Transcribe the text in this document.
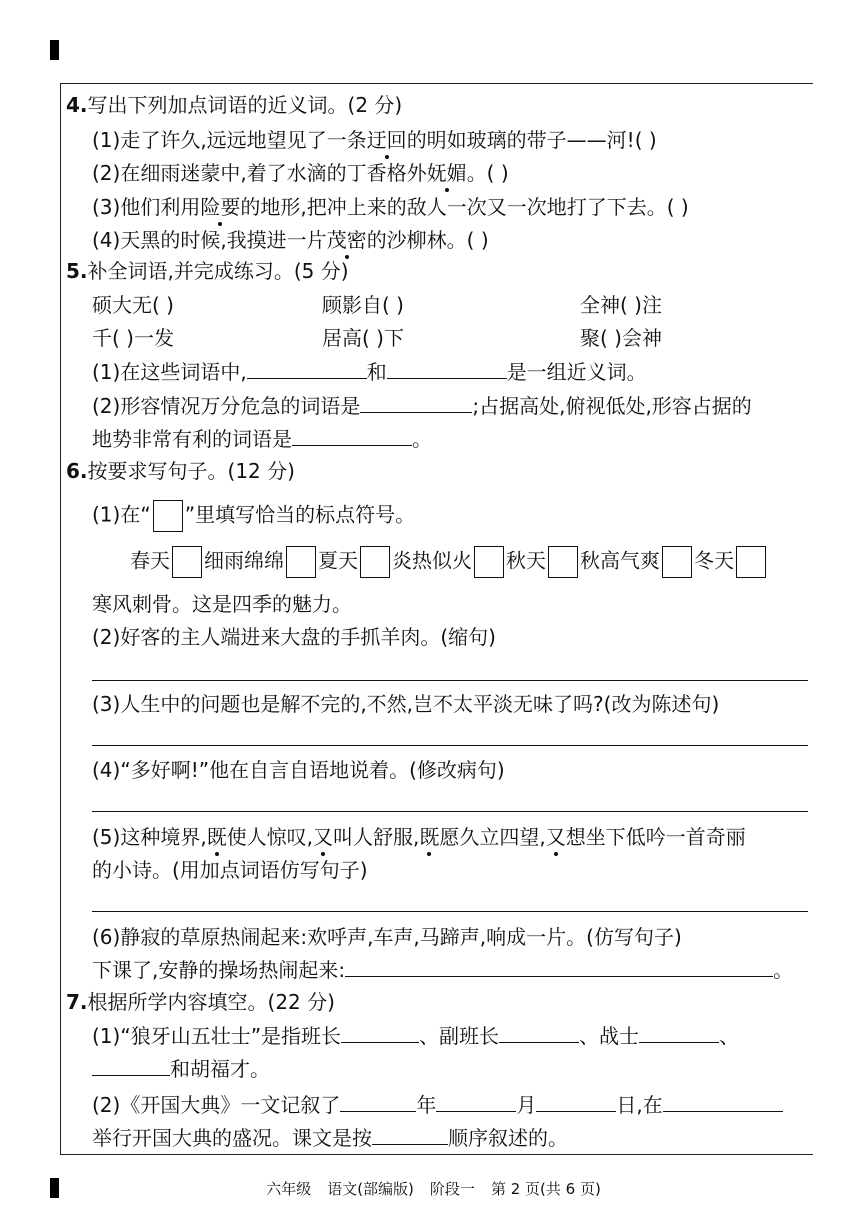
4.写出下列加点词语的近义词。(2 分)
(1)走了许久,远远地望见了一条迂回的明如玻璃的带子——河!( )
(2)在细雨迷蒙中,着了水滴的丁香格外妩媚。( )
(3)他们利用险要的地形,把冲上来的敌人一次又一次地打了下去。( )
(4)天黑的时候,我摸进一片茂密的沙柳林。( )
5.补全词语,并完成练习。(5 分)
硕大无( )	顾影自( )	全神( )注
千( )一发	居高( )下	聚( )会神
(1)在这些词语中,	和	是一组近义词。
(2)形容情况万分危急的词语是	;占据高处,俯视低处,形容占据的
地势非常有利的词语是	。
6.按要求写句子。(12 分)
(1)在“ ”里填写恰当的标点符号。
春天 细雨绵绵 夏天 炎热似火 秋天 秋高气爽 冬天
寒风刺骨。这是四季的魅力。
(2)好客的主人端进来大盘的手抓羊肉。(缩句)
(3)人生中的问题也是解不完的,不然,岂不太平淡无味了吗?(改为陈述句)
(4)“多好啊!”他在自言自语地说着。(修改病句)
(5)这种境界,既使人惊叹,又叫人舒服,既愿久立四望,又想坐下低吟一首奇丽
的小诗。(用加点词语仿写句子)
(6)静寂的草原热闹起来:欢呼声,车声,马蹄声,响成一片。(仿写句子)
下课了,安静的操场热闹起来:	。
7.根据所学内容填空。(22 分)
(1)“狼牙山五壮士”是指班长	、副班长	、战士	、
和胡福才。
(2)《开国大典》一文记叙了	年	月	日,在
举行开国大典的盛况。课文是按	顺序叙述的。
六年级 语文(部编版) 阶段一 第 2 页(共 6 页)
